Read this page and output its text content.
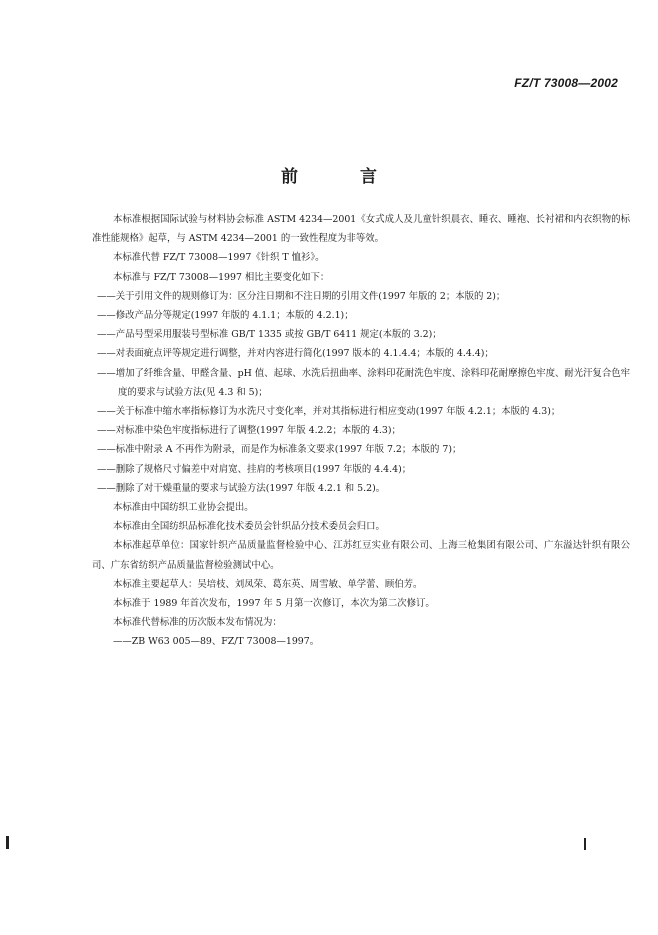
FZ/T 73008—2002
前 言

本标准根据国际试验与材料协会标准 ASTM 4234—2001《女式成人及儿童针织晨衣、睡衣、睡袍、长衬裙和内衣织物的标准性能规格》起草，与 ASTM 4234—2001 的一致性程度为非等效。

本标准代替 FZ/T 73008—1997《针织 T 恤衫》。

本标准与 FZ/T 73008—1997 相比主要变化如下：

——关于引用文件的规则修订为：区分注日期和不注日期的引用文件(1997 年版的 2；本版的 2)；

——修改产品分等规定(1997 年版的 4.1.1；本版的 4.2.1)；

——产品号型采用服装号型标准 GB/T 1335 或按 GB/T 6411 规定(本版的 3.2)；

——对表面疵点评等规定进行调整，并对内容进行简化(1997 版本的 4.1.4.4；本版的 4.4.4)；

——增加了纤维含量、甲醛含量、pH 值、起球、水洗后扭曲率、涂料印花耐洗色牢度、涂料印花耐摩擦色牢度、耐光汗复合色牢度的要求与试验方法(见 4.3 和 5)；

——关于标准中缩水率指标修订为水洗尺寸变化率，并对其指标进行相应变动(1997 年版 4.2.1；本版的 4.3)；

——对标准中染色牢度指标进行了调整(1997 年版 4.2.2；本版的 4.3)；

——标准中附录 A 不再作为附录，而是作为标准条文要求(1997 年版 7.2；本版的 7)；

——删除了规格尺寸偏差中对肩宽、挂肩的考核项目(1997 年版的 4.4.4)；

——删除了对干燥重量的要求与试验方法(1997 年版 4.2.1 和 5.2)。

本标准由中国纺织工业协会提出。

本标准由全国纺织品标准化技术委员会针织品分技术委员会归口。

本标准起草单位：国家针织产品质量监督检验中心、江苏红豆实业有限公司、上海三枪集团有限公司、广东溢达针织有限公司、广东省纺织产品质量监督检验测试中心。

本标准主要起草人：吴培枝、刘凤荣、葛东英、周雪敏、单学蕾、顾伯芳。

本标准于 1989 年首次发布，1997 年 5 月第一次修订，本次为第二次修订。

本标准代替标准的历次版本发布情况为：

——ZB W63 005—89、FZ/T 73008—1997。
